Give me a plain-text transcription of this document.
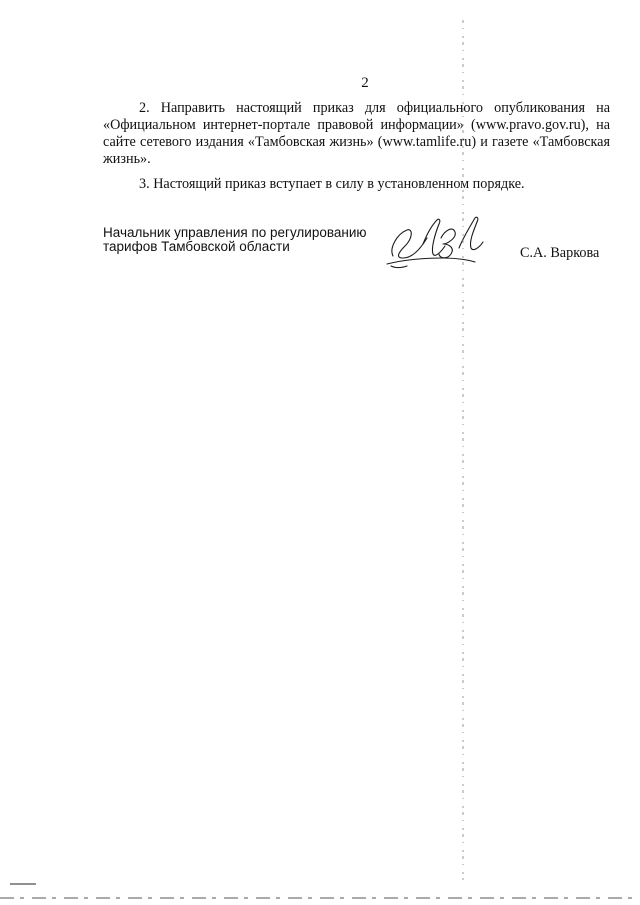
2

2. Направить настоящий приказ для официального опубликования на «Официальном интернет-портале правовой информации» (www.pravo.gov.ru), на сайте сетевого издания «Тамбовская жизнь» (www.tamlife.ru) и газете «Тамбовская жизнь».

3. Настоящий приказ вступает в силу в установленном порядке.

Начальник управления по регулированию
тарифов Тамбовской области	С.А. Варкова
